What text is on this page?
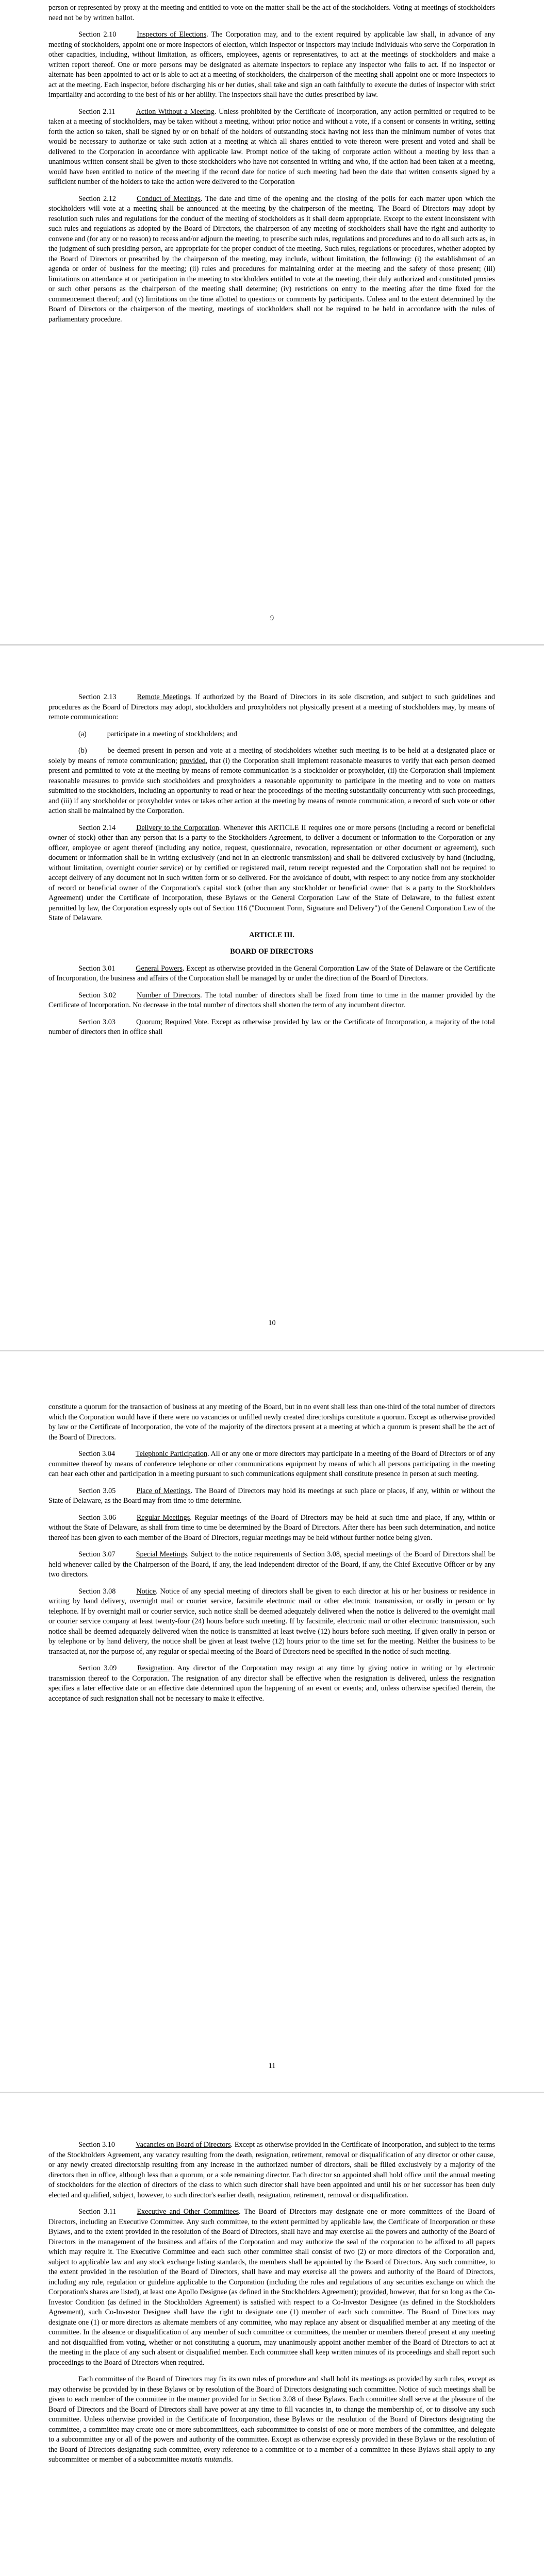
person or represented by proxy at the meeting and entitled to vote on the matter shall be the act of the stockholders. Voting at meetings of stockholders need not be by written ballot.

Section 2.10	Inspectors of Elections. The Corporation may, and to the extent required by applicable law shall, in advance of any meeting of stockholders, appoint one or more inspectors of election, which inspector or inspectors may include individuals who serve the Corporation in other capacities, including, without limitation, as officers, employees, agents or representatives, to act at the meetings of stockholders and make a written report thereof. One or more persons may be designated as alternate inspectors to replace any inspector who fails to act. If no inspector or alternate has been appointed to act or is able to act at a meeting of stockholders, the chairperson of the meeting shall appoint one or more inspectors to act at the meeting. Each inspector, before discharging his or her duties, shall take and sign an oath faithfully to execute the duties of inspector with strict impartiality and according to the best of his or her ability. The inspectors shall have the duties prescribed by law.

Section 2.11	Action Without a Meeting. Unless prohibited by the Certificate of Incorporation, any action permitted or required to be taken at a meeting of stockholders, may be taken without a meeting, without prior notice and without a vote, if a consent or consents in writing, setting forth the action so taken, shall be signed by or on behalf of the holders of outstanding stock having not less than the minimum number of votes that would be necessary to authorize or take such action at a meeting at which all shares entitled to vote thereon were present and voted and shall be delivered to the Corporation in accordance with applicable law. Prompt notice of the taking of corporate action without a meeting by less than a unanimous written consent shall be given to those stockholders who have not consented in writing and who, if the action had been taken at a meeting, would have been entitled to notice of the meeting if the record date for notice of such meeting had been the date that written consents signed by a sufficient number of the holders to take the action were delivered to the Corporation

Section 2.12	Conduct of Meetings. The date and time of the opening and the closing of the polls for each matter upon which the stockholders will vote at a meeting shall be announced at the meeting by the chairperson of the meeting. The Board of Directors may adopt by resolution such rules and regulations for the conduct of the meeting of stockholders as it shall deem appropriate. Except to the extent inconsistent with such rules and regulations as adopted by the Board of Directors, the chairperson of any meeting of stockholders shall have the right and authority to convene and (for any or no reason) to recess and/or adjourn the meeting, to prescribe such rules, regulations and procedures and to do all such acts as, in the judgment of such presiding person, are appropriate for the proper conduct of the meeting. Such rules, regulations or procedures, whether adopted by the Board of Directors or prescribed by the chairperson of the meeting, may include, without limitation, the following: (i) the establishment of an agenda or order of business for the meeting; (ii) rules and procedures for maintaining order at the meeting and the safety of those present; (iii) limitations on attendance at or participation in the meeting to stockholders entitled to vote at the meeting, their duly authorized and constituted proxies or such other persons as the chairperson of the meeting shall determine; (iv) restrictions on entry to the meeting after the time fixed for the commencement thereof; and (v) limitations on the time allotted to questions or comments by participants. Unless and to the extent determined by the Board of Directors or the chairperson of the meeting, meetings of stockholders shall not be required to be held in accordance with the rules of parliamentary procedure.

9

Section 2.13	Remote Meetings. If authorized by the Board of Directors in its sole discretion, and subject to such guidelines and procedures as the Board of Directors may adopt, stockholders and proxyholders not physically present at a meeting of stockholders may, by means of remote communication:

(a)	participate in a meeting of stockholders; and

(b)	be deemed present in person and vote at a meeting of stockholders whether such meeting is to be held at a designated place or solely by means of remote communication; provided, that (i) the Corporation shall implement reasonable measures to verify that each person deemed present and permitted to vote at the meeting by means of remote communication is a stockholder or proxyholder, (ii) the Corporation shall implement reasonable measures to provide such stockholders and proxyholders a reasonable opportunity to participate in the meeting and to vote on matters submitted to the stockholders, including an opportunity to read or hear the proceedings of the meeting substantially concurrently with such proceedings, and (iii) if any stockholder or proxyholder votes or takes other action at the meeting by means of remote communication, a record of such vote or other action shall be maintained by the Corporation.

Section 2.14	Delivery to the Corporation. Whenever this ARTICLE II requires one or more persons (including a record or beneficial owner of stock) other than any person that is a party to the Stockholders Agreement, to deliver a document or information to the Corporation or any officer, employee or agent thereof (including any notice, request, questionnaire, revocation, representation or other document or agreement), such document or information shall be in writing exclusively (and not in an electronic transmission) and shall be delivered exclusively by hand (including, without limitation, overnight courier service) or by certified or registered mail, return receipt requested and the Corporation shall not be required to accept delivery of any document not in such written form or so delivered. For the avoidance of doubt, with respect to any notice from any stockholder of record or beneficial owner of the Corporation's capital stock (other than any stockholder or beneficial owner that is a party to the Stockholders Agreement) under the Certificate of Incorporation, these Bylaws or the General Corporation Law of the State of Delaware, to the fullest extent permitted by law, the Corporation expressly opts out of Section 116 ("Document Form, Signature and Delivery") of the General Corporation Law of the State of Delaware.

ARTICLE III.

BOARD OF DIRECTORS

Section 3.01	General Powers. Except as otherwise provided in the General Corporation Law of the State of Delaware or the Certificate of Incorporation, the business and affairs of the Corporation shall be managed by or under the direction of the Board of Directors.

Section 3.02	Number of Directors. The total number of directors shall be fixed from time to time in the manner provided by the Certificate of Incorporation. No decrease in the total number of directors shall shorten the term of any incumbent director.

Section 3.03	Quorum; Required Vote. Except as otherwise provided by law or the Certificate of Incorporation, a majority of the total number of directors then in office shall

10

constitute a quorum for the transaction of business at any meeting of the Board, but in no event shall less than one-third of the total number of directors which the Corporation would have if there were no vacancies or unfilled newly created directorships constitute a quorum. Except as otherwise provided by law or the Certificate of Incorporation, the vote of the majority of the directors present at a meeting at which a quorum is present shall be the act of the Board of Directors.

Section 3.04	Telephonic Participation. All or any one or more directors may participate in a meeting of the Board of Directors or of any committee thereof by means of conference telephone or other communications equipment by means of which all persons participating in the meeting can hear each other and participation in a meeting pursuant to such communications equipment shall constitute presence in person at such meeting.

Section 3.05	Place of Meetings. The Board of Directors may hold its meetings at such place or places, if any, within or without the State of Delaware, as the Board may from time to time determine.

Section 3.06	Regular Meetings. Regular meetings of the Board of Directors may be held at such time and place, if any, within or without the State of Delaware, as shall from time to time be determined by the Board of Directors. After there has been such determination, and notice thereof has been given to each member of the Board of Directors, regular meetings may be held without further notice being given.

Section 3.07	Special Meetings. Subject to the notice requirements of Section 3.08, special meetings of the Board of Directors shall be held whenever called by the Chairperson of the Board, if any, the lead independent director of the Board, if any, the Chief Executive Officer or by any two directors.

Section 3.08	Notice. Notice of any special meeting of directors shall be given to each director at his or her business or residence in writing by hand delivery, overnight mail or courier service, facsimile electronic mail or other electronic transmission, or orally in person or by telephone. If by overnight mail or courier service, such notice shall be deemed adequately delivered when the notice is delivered to the overnight mail or courier service company at least twenty-four (24) hours before such meeting. If by facsimile, electronic mail or other electronic transmission, such notice shall be deemed adequately delivered when the notice is transmitted at least twelve (12) hours before such meeting. If given orally in person or by telephone or by hand delivery, the notice shall be given at least twelve (12) hours prior to the time set for the meeting. Neither the business to be transacted at, nor the purpose of, any regular or special meeting of the Board of Directors need be specified in the notice of such meeting.

Section 3.09	Resignation. Any director of the Corporation may resign at any time by giving notice in writing or by electronic transmission thereof to the Corporation. The resignation of any director shall be effective when the resignation is delivered, unless the resignation specifies a later effective date or an effective date determined upon the happening of an event or events; and, unless otherwise specified therein, the acceptance of such resignation shall not be necessary to make it effective.

11

Section 3.10	Vacancies on Board of Directors. Except as otherwise provided in the Certificate of Incorporation, and subject to the terms of the Stockholders Agreement, any vacancy resulting from the death, resignation, retirement, removal or disqualification of any director or other cause, or any newly created directorship resulting from any increase in the authorized number of directors, shall be filled exclusively by a majority of the directors then in office, although less than a quorum, or a sole remaining director. Each director so appointed shall hold office until the annual meeting of stockholders for the election of directors of the class to which such director shall have been appointed and until his or her successor has been duly elected and qualified, subject, however, to such director's earlier death, resignation, retirement, removal or disqualification.

Section 3.11	Executive and Other Committees. The Board of Directors may designate one or more committees of the Board of Directors, including an Executive Committee. Any such committee, to the extent permitted by applicable law, the Certificate of Incorporation or these Bylaws, and to the extent provided in the resolution of the Board of Directors, shall have and may exercise all the powers and authority of the Board of Directors in the management of the business and affairs of the Corporation and may authorize the seal of the corporation to be affixed to all papers which may require it. The Executive Committee and each such other committee shall consist of two (2) or more directors of the Corporation and, subject to applicable law and any stock exchange listing standards, the members shall be appointed by the Board of Directors. Any such committee, to the extent provided in the resolution of the Board of Directors, shall have and may exercise all the powers and authority of the Board of Directors, including any rule, regulation or guideline applicable to the Corporation (including the rules and regulations of any securities exchange on which the Corporation's shares are listed), at least one Apollo Designee (as defined in the Stockholders Agreement); provided, however, that for so long as the Co-Investor Condition (as defined in the Stockholders Agreement) is satisfied with respect to a Co-Investor Designee (as defined in the Stockholders Agreement), such Co-Investor Designee shall have the right to designate one (1) member of each such committee. The Board of Directors may designate one (1) or more directors as alternate members of any committee, who may replace any absent or disqualified member at any meeting of the committee. In the absence or disqualification of any member of such committee or committees, the member or members thereof present at any meeting and not disqualified from voting, whether or not constituting a quorum, may unanimously appoint another member of the Board of Directors to act at the meeting in the place of any such absent or disqualified member. Each committee shall keep written minutes of its proceedings and shall report such proceedings to the Board of Directors when required.

Each committee of the Board of Directors may fix its own rules of procedure and shall hold its meetings as provided by such rules, except as may otherwise be provided by in these Bylaws or by resolution of the Board of Directors designating such committee. Notice of such meetings shall be given to each member of the committee in the manner provided for in Section 3.08 of these Bylaws. Each committee shall serve at the pleasure of the Board of Directors and the Board of Directors shall have power at any time to fill vacancies in, to change the membership of, or to dissolve any such committee. Unless otherwise provided in the Certificate of Incorporation, these Bylaws or the resolution of the Board of Directors designating the committee, a committee may create one or more subcommittees, each subcommittee to consist of one or more members of the committee, and delegate to a subcommittee any or all of the powers and authority of the committee. Except as otherwise expressly provided in these Bylaws or the resolution of the Board of Directors designating such committee, every reference to a committee or to a member of a committee in these Bylaws shall apply to any subcommittee or member of a subcommittee mutatis mutandis.
